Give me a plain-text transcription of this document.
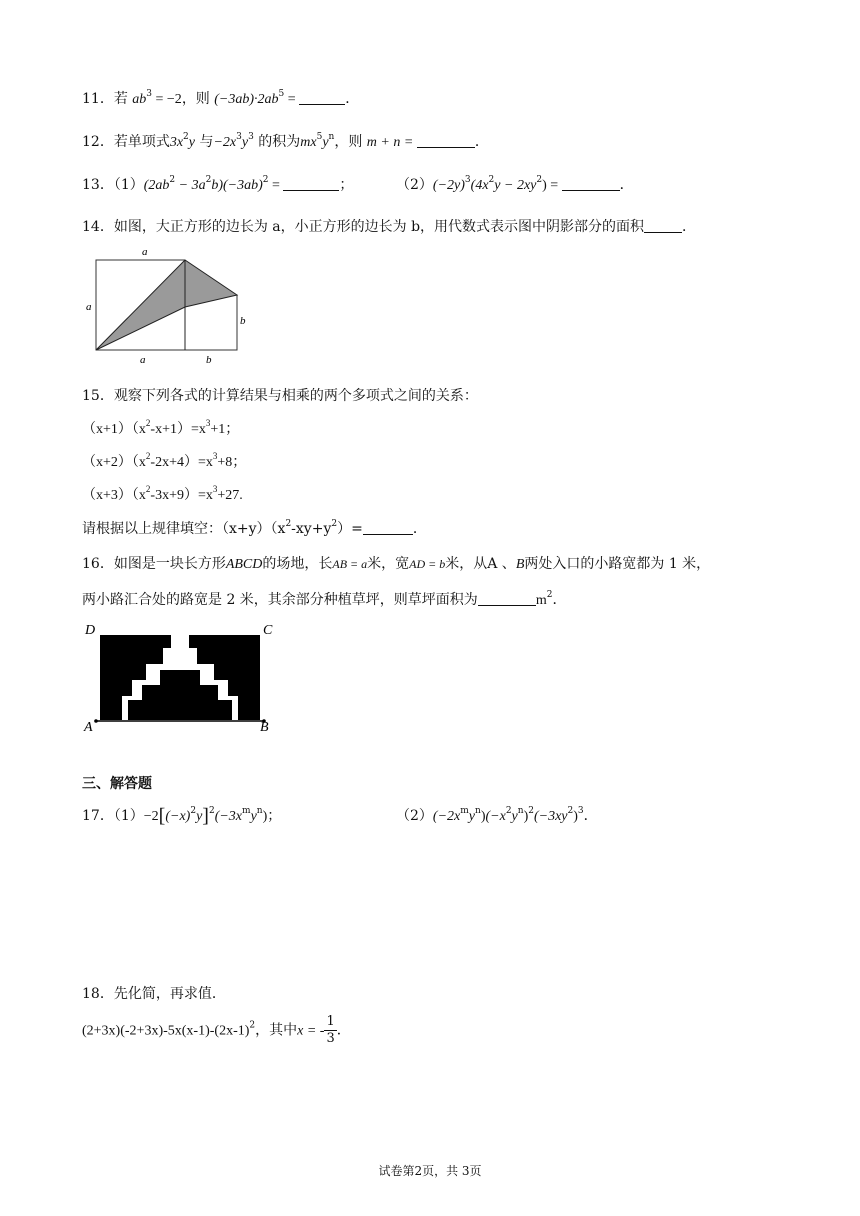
11．若 $ab^3 = -2$，则 $(-3ab)\cdot 2ab^5$ =	．
12．若单项式$3x^2y$ 与$-2x^3y^3$ 的积为$mx^5y^n$，则 m + n =	．
13．$(1)(2ab^2 - 3a^2b)(-3ab)^2$ =	；	$(2)(-2y)^3(4x^2y - 2xy^2)$ =	．
14．如图，大正方形的边长为 a，小正方形的边长为 b，用代数式表示图中阴影部分的面积	．
a
a
b
a	b
15．观察下列各式的计算结果与相乘的两个多项式之间的关系：
$(x+1)(x^2-x+1)=x^3+1$；
$(x+2)(x^2-2x+4)=x^3+8$；
$(x+3)(x^2-3x+9)=x^3+27$.
请根据以上规律填空：$(x+y)(x^2-xy+y^2)=$	．
16．如图是一块长方形ABCD的场地，长AB = a米，宽AD = b米，从A 、B两处入口的小路宽都为 1 米，
两小路汇合处的路宽是 2 米，其余部分种植草坪，则草坪面积为	$m^2$．
D	C
A	B
三、解答题
17．$(1)-2[(-x)^2y]^2(-3x^my^n)$；	$(2)(-2x^my^n)(-x^2y^n)^2(-3xy^2)^3$．
18．先化简，再求值．
$(2+3x)(-2+3x)-5x(x-1)-(2x-1)^2$，其中x = - $\frac{1}{3}$ ．
试卷第2页，共 3页
